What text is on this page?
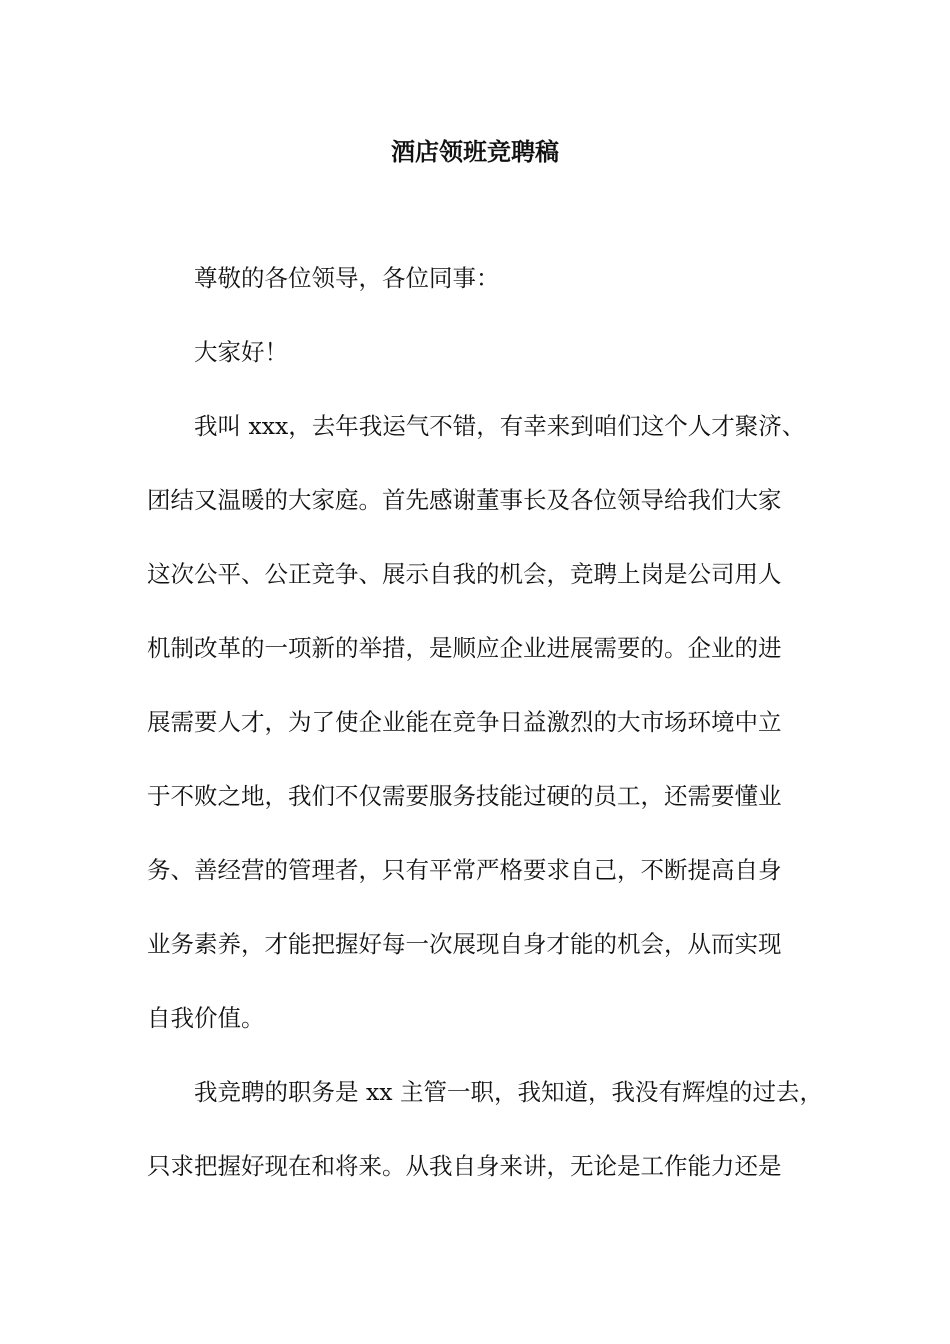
酒店领班竞聘稿
尊敬的各位领导，各位同事：
大家好！
我叫 xxx，去年我运气不错，有幸来到咱们这个人才聚济、
团结又温暖的大家庭。首先感谢董事长及各位领导给我们大家
这次公平、公正竞争、展示自我的机会，竞聘上岗是公司用人
机制改革的一项新的举措，是顺应企业进展需要的。企业的进
展需要人才，为了使企业能在竞争日益激烈的大市场环境中立
于不败之地，我们不仅需要服务技能过硬的员工，还需要懂业
务、善经营的管理者，只有平常严格要求自己，不断提高自身
业务素养，才能把握好每一次展现自身才能的机会，从而实现
自我价值。
我竞聘的职务是 xx 主管一职，我知道，我没有辉煌的过去，
只求把握好现在和将来。从我自身来讲，无论是工作能力还是
